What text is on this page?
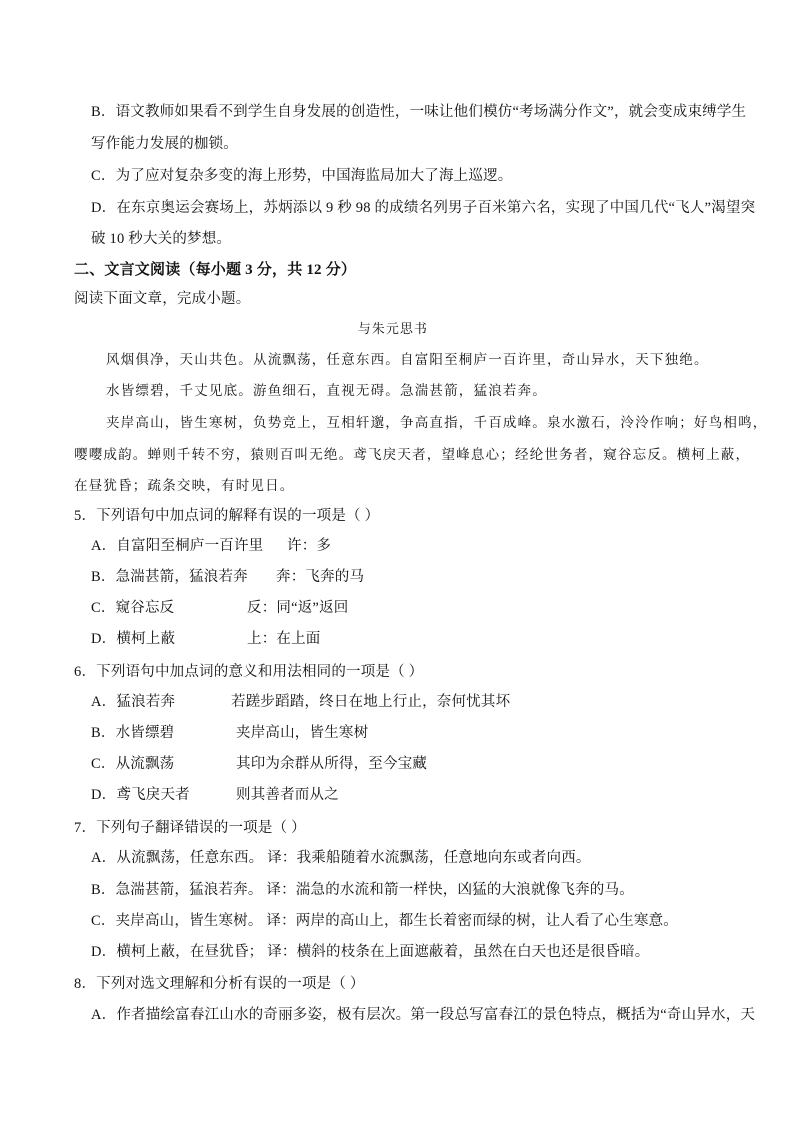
B．语文教师如果看不到学生自身发展的创造性，一味让他们模仿“考场满分作文”，就会变成束缚学生
写作能力发展的枷锁。
C．为了应对复杂多变的海上形势，中国海监局加大了海上巡逻。
D．在东京奥运会赛场上，苏炳添以 9 秒 98 的成绩名列男子百米第六名，实现了中国几代“飞人”渴望突
破 10 秒大关的梦想。
二、文言文阅读（每小题 3 分，共 12 分）
阅读下面文章，完成小题。
与朱元思书
风烟俱净，天山共色。从流飘荡，任意东西。自富阳至桐庐一百许里，奇山异水，天下独绝。
水皆缥碧，千丈见底。游鱼细石，直视无碍。急湍甚箭，猛浪若奔。
夹岸高山，皆生寒树，负势竞上，互相轩邈，争高直指，千百成峰。泉水激石，泠泠作响；好鸟相鸣，
嘤嘤成韵。蝉则千转不穷，猿则百叫无绝。鸢飞戾天者，望峰息心；经纶世务者，窥谷忘反。横柯上蔽，
在昼犹昏；疏条交映，有时见日。
5．下列语句中加点词的解释有误的一项是（ ）
A．自富阳至桐庐一百许里 许：多
B．急湍甚箭，猛浪若奔 奔：飞奔的马
C．窥谷忘反	反：同“返”返回
D．横柯上蔽	上：在上面
6．下列语句中加点词的意义和用法相同的一项是（ ）
A．猛浪若奔	若蹉步蹈踏，终日在地上行止，奈何忧其坏
B．水皆缥碧	夹岸高山，皆生寒树
C．从流飘荡	其印为余群从所得，至今宝藏
D．鸢飞戾天者	则其善者而从之
7．下列句子翻译错误的一项是（ ）
A．从流飘荡，任意东西。 译：我乘船随着水流飘荡，任意地向东或者向西。
B．急湍甚箭，猛浪若奔。 译：湍急的水流和箭一样快，凶猛的大浪就像飞奔的马。
C．夹岸高山，皆生寒树。 译：两岸的高山上，都生长着密而绿的树，让人看了心生寒意。
D．横柯上蔽，在昼犹昏； 译：横斜的枝条在上面遮蔽着，虽然在白天也还是很昏暗。
8．下列对选文理解和分析有误的一项是（ ）
A．作者描绘富春江山水的奇丽多姿，极有层次。第一段总写富春江的景色特点，概括为“奇山异水，天
